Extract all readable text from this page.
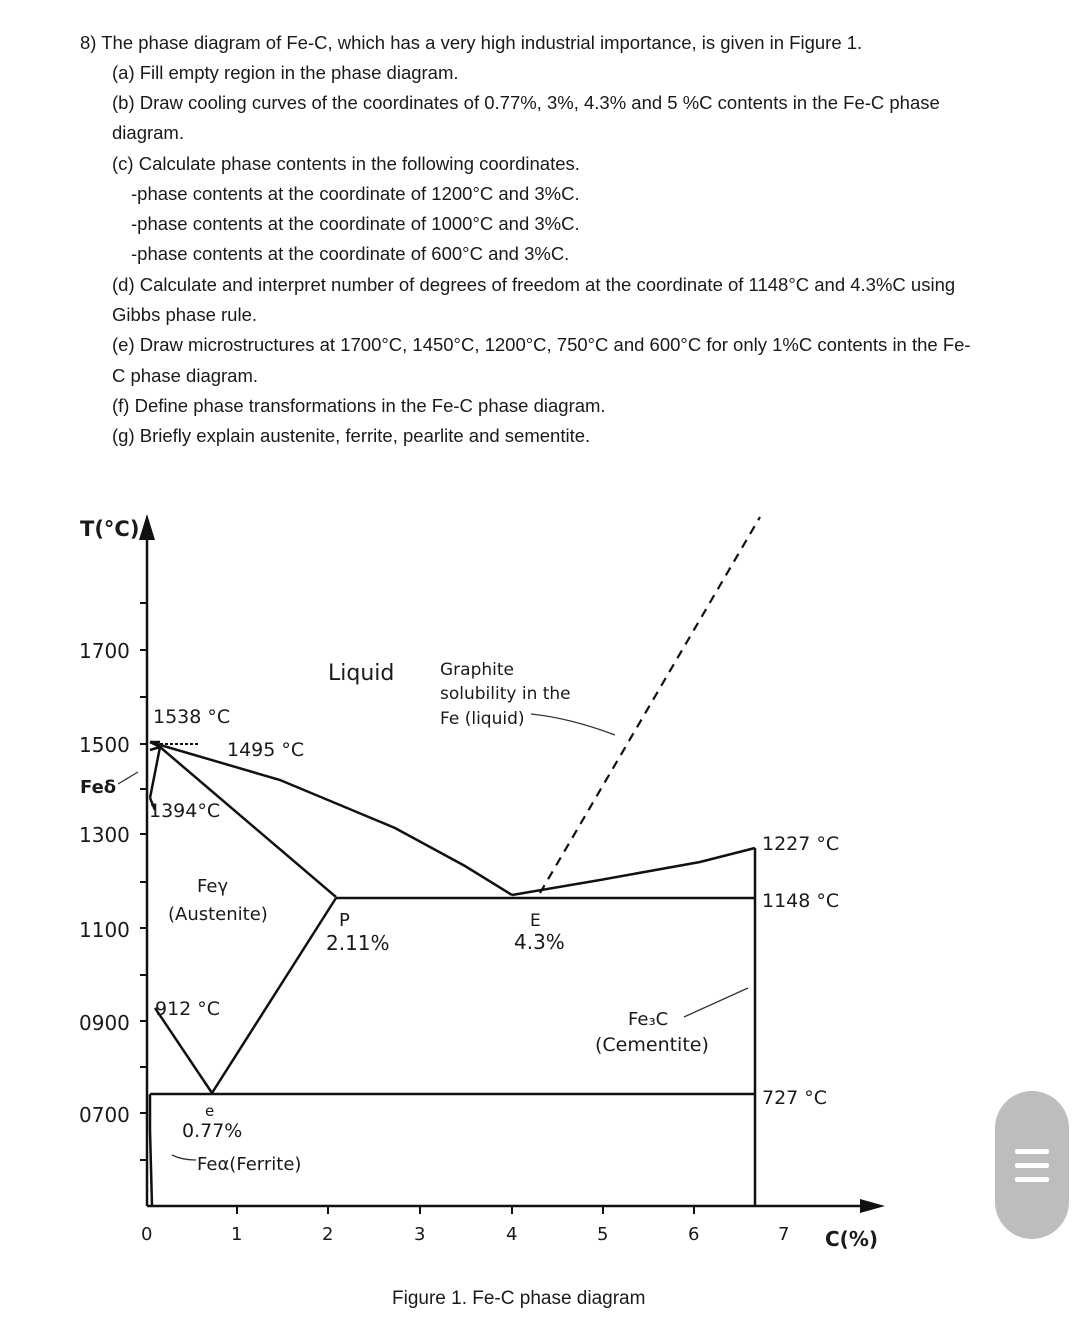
8) The phase diagram of Fe-C, which has a very high industrial importance, is given in Figure 1.
(a) Fill empty region in the phase diagram.
(b) Draw cooling curves of the coordinates of 0.77%, 3%, 4.3% and 5 %C contents in the Fe-C phase
diagram.
(c) Calculate phase contents in the following coordinates.
-phase contents at the coordinate of 1200°C and 3%C.
-phase contents at the coordinate of 1000°C and 3%C.
-phase contents at the coordinate of 600°C and 3%C.
(d) Calculate and interpret number of degrees of freedom at the coordinate of 1148°C and 4.3%C using
Gibbs phase rule.
(e) Draw microstructures at 1700°C, 1450°C, 1200°C, 750°C and 600°C for only 1%C contents in the Fe-
C phase diagram.
(f) Define phase transformations in the Fe-C phase diagram.
(g) Briefly explain austenite, ferrite, pearlite and sementite.
T(°C)
C(%)
1700
1500
1300
1100
0900
0700
Feδ
0	1	2	3	4	5	6	7
1538 °C
1495 °C
1394°C
912 °C
1227 °C
1148 °C
727 °C
Liquid	Graphite
solubility in the
Fe (liquid)
Feγ
(Austenite)	P
2.11%
E
4.3%
Fe₃C
(Cementite)
e
0.77%
Feα(Ferrite)
Figure 1. Fe-C phase diagram
